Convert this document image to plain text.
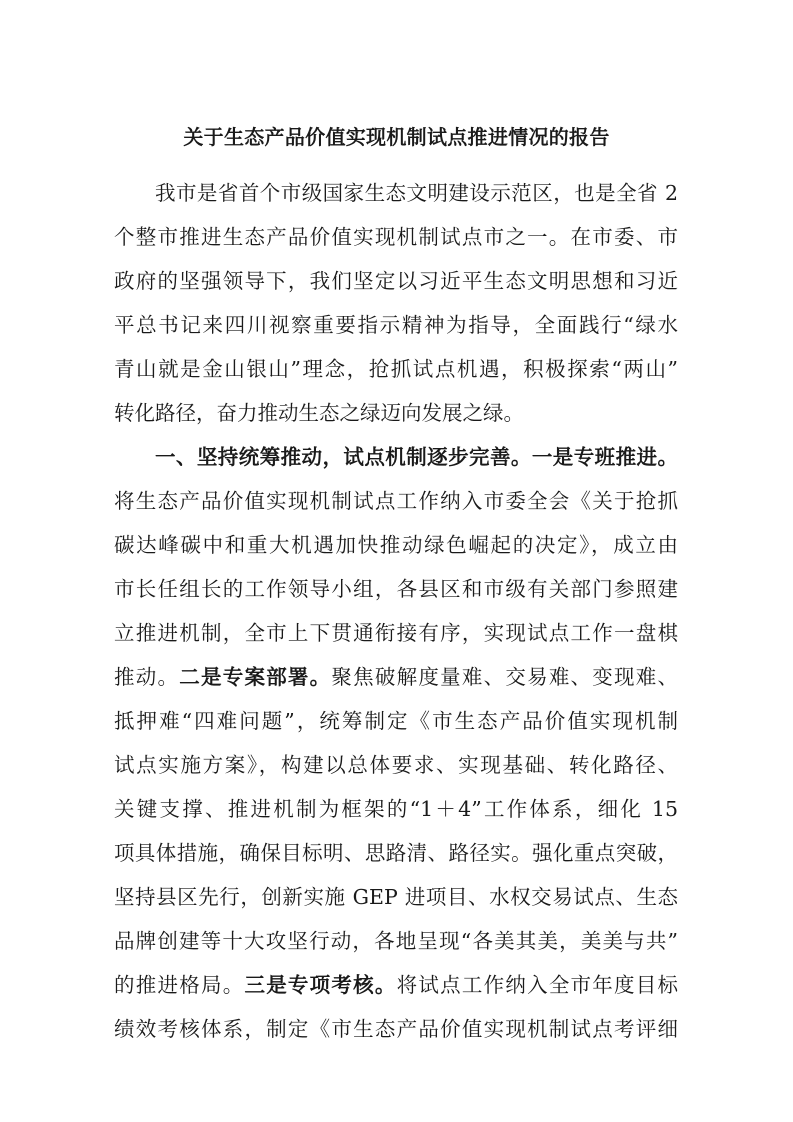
关于生态产品价值实现机制试点推进情况的报告
我市是省首个市级国家生态文明建设示范区，也是全省 2
个整市推进生态产品价值实现机制试点市之一。在市委、市
政府的坚强领导下，我们坚定以习近平生态文明思想和习近
平总书记来四川视察重要指示精神为指导，全面践行“绿水
青山就是金山银山”理念，抢抓试点机遇，积极探索“两山”
转化路径，奋力推动生态之绿迈向发展之绿。
一、坚持统筹推动，试点机制逐步完善。一是专班推进。
将生态产品价值实现机制试点工作纳入市委全会《关于抢抓
碳达峰碳中和重大机遇加快推动绿色崛起的决定》，成立由
市长任组长的工作领导小组，各县区和市级有关部门参照建
立推进机制，全市上下贯通衔接有序，实现试点工作一盘棋
推动。二是专案部署。聚焦破解度量难、交易难、变现难、
抵押难“四难问题”，统筹制定《市生态产品价值实现机制
试点实施方案》，构建以总体要求、实现基础、转化路径、
关键支撑、推进机制为框架的“1＋4”工作体系，细化 15
项具体措施，确保目标明、思路清、路径实。强化重点突破，
坚持县区先行，创新实施 GEP 进项目、水权交易试点、生态
品牌创建等十大攻坚行动，各地呈现“各美其美，美美与共”
的推进格局。三是专项考核。将试点工作纳入全市年度目标
绩效考核体系，制定《市生态产品价值实现机制试点考评细
